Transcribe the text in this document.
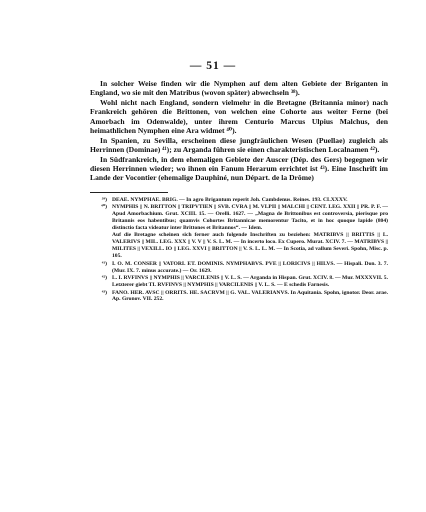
— 51 —

In solcher Weise finden wir die Nymphen auf dem alten Gebiete der Briganten in England, wo sie mit den Matribus (wovon später) abwechseln ³⁸).

Wohl nicht nach England, sondern vielmehr in die Bretagne (Britannia minor) nach Frankreich gehören die Brittonen, von welchen eine Cohorte aus weiter Ferne (bei Amorbach im Odenwalde), unter ihrem Centurio Marcus Ulpius Malchus, den heimathlichen Nymphen eine Ara widmet ⁴⁰).

In Spanien, zu Sevilla, erscheinen diese jungfräulichen Wesen (Puellae) zugleich als Herrinnen (Dominae) ⁴¹); zu Arganda führen sie einen charakteristischen Localnamen ⁴²).

In Südfrankreich, in dem ehemaligen Gebiete der Auscer (Dép. des Gers) begegnen wir diesen Herrinnen wieder; wo ihnen ein Fanum Herarum errichtet ist ⁴³). Eine Inschrift im Lande der Vocontier (ehemalige Dauphiné, nun Départ. de la Drôme)

³⁹) DEAE. NYMPHAE. BRIG. — In agro Brigantum reperit Joh. Cambdenus. Reines. 193. CLXXXV.
⁴⁰) NYMPHIS || N. BRITTON || TRIPVTIEN || SVB. CVRA || M. VLPII || MALCHI || CENT. LEG. XXII || PR. P. F. — Apud Amorbachium. Grut. XCIII. 15. — Orelli. 1627. — „Magna de Brittonibus est controversia, pierisque pro Britannis eos habentibus; quamvis Cohortes Britannicae memorentur Tacito, et in hoc quoque lapide (804) distinctio facta videatur inter Brittones et Britannos“. — Idem.
Auf die Bretagne scheinen sich ferner auch folgende Inschriften zu beziehen: MATRIBVS || BRITTIS || L. VALERIVS || MIL. LEG. XXX || V. V || V. S. L. M. — In incerto loco. Ex Cupero. Murat. XCIV. 7. — MATRIBVS || MILITES || VEXILL. IO || LEG. XXVI || BRITTON || V. S. L. L. M. — In Scotia, ad vallum Severi. Spohn, Misc. p. 105.
⁴¹) I. O. M. CONSER || VATORI. ET. DOMINIS. NYMPHABVS. PVE || LORICIVS || HILVS. — Hispali. Don. 3. 7. (Mur. IX. 7. minus accurate.) — Or. 1629.
⁴²) L. I. RVFINVS || NYMPHIS || VARCILENIS || V. L. S. — Arganda in Hispan. Grut. XCIV. 8. — Mur. MXXXVII. 5. Letzterer giebt TI. RVFINVS || NYMPHIS || VARCILENIS || V. L. S. — E schedis Farnesis.
⁴³) FANO. HER. AVSC || ORRITS. HE. SACRVM || G. VAL. VALERIANVS. In Aquitania. Spohn, ignotor. Deor. arae. Ap. Gronov. VII. 252.
